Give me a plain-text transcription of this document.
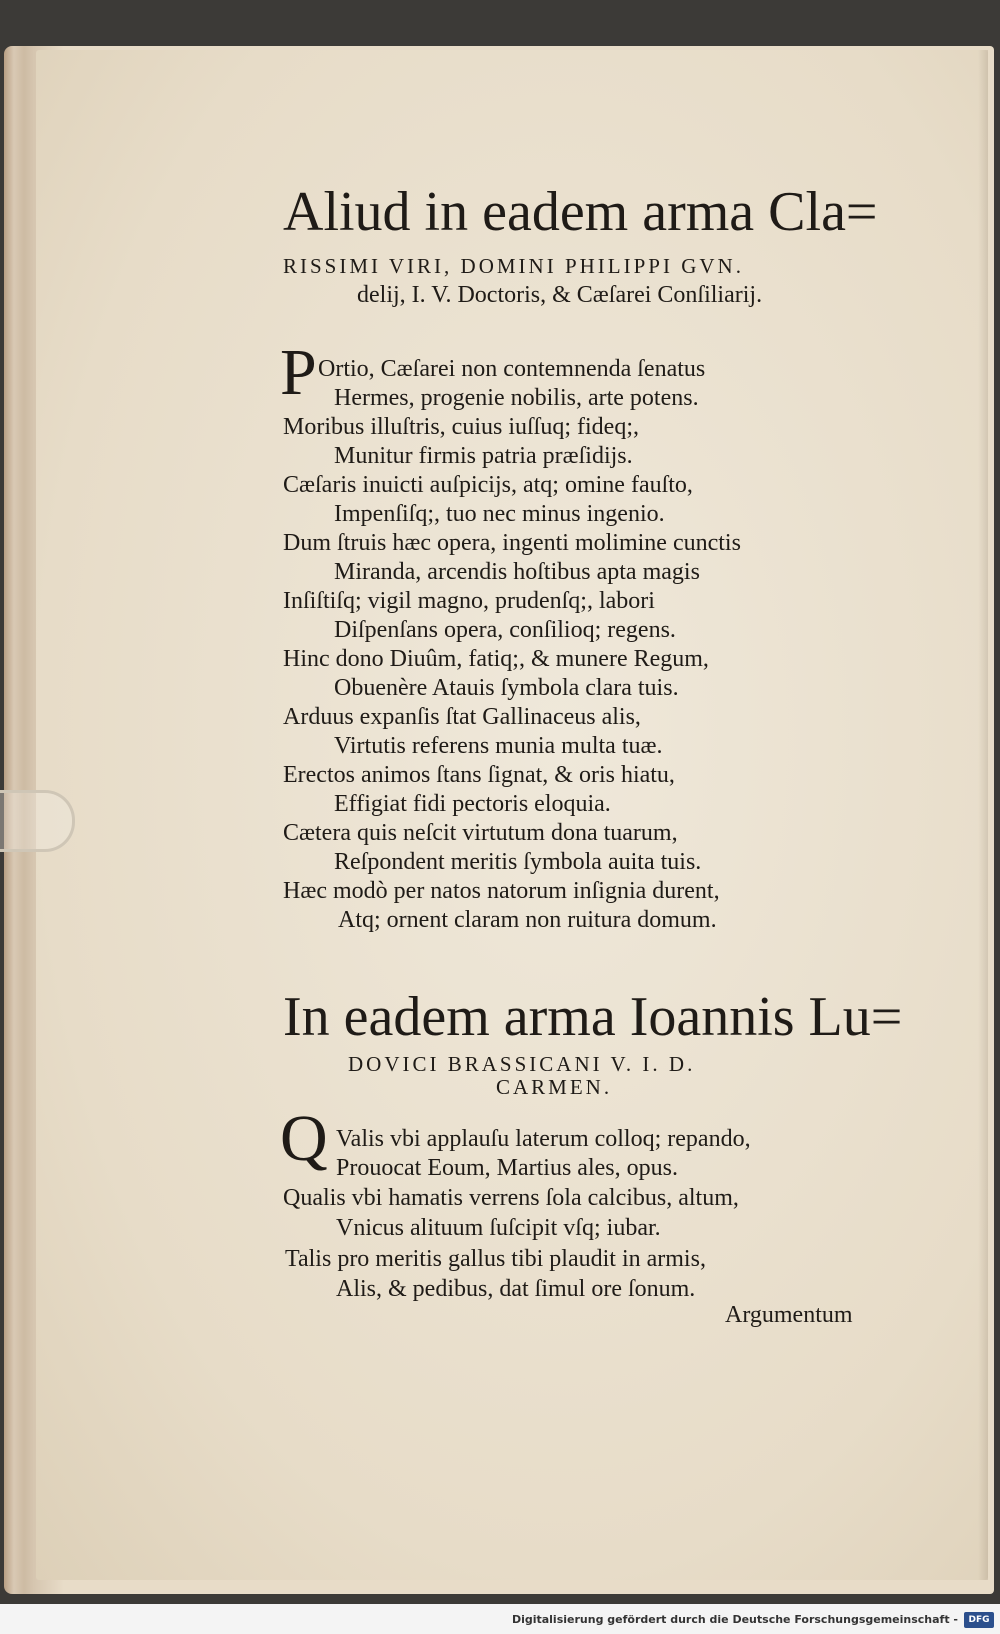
Aliud in eadem arma Cla=
RISSIMI VIRI, DOMINI PHILIPPI GVN.
delij, I. V. Doctoris, & Cæſarei Conſiliarij.
P Ortio, Cæſarei non contemnenda ſenatus
Hermes, progenie nobilis, arte potens.
Moribus illuſtris, cuius iuſſuq; fideq;,
Munitur firmis patria præſidijs.
Cæſaris inuicti auſpicijs, atq; omine fauſto,
Impenſiſq;, tuo nec minus ingenio.
Dum ſtruis hæc opera, ingenti molimine cunctis
Miranda, arcendis hoſtibus apta magis
Inſiſtiſq; vigil magno, prudenſq;, labori
Diſpenſans opera, conſilioq; regens.
Hinc dono Diuûm, fatiq;, & munere Regum,
Obuenère Atauis ſymbola clara tuis.
Arduus expanſis ſtat Gallinaceus alis,
Virtutis referens munia multa tuæ.
Erectos animos ſtans ſignat, & oris hiatu,
Effigiat fidi pectoris eloquia.
Cætera quis neſcit virtutum dona tuarum,
Reſpondent meritis ſymbola auita tuis.
Hæc modò per natos natorum inſignia durent,
Atq; ornent claram non ruitura domum.
In eadem arma Ioannis Lu=
DOVICI BRASSICANI V. I. D.
CARMEN.
Q Valis vbi applauſu laterum colloq; repando,
Prouocat Eoum, Martius ales, opus.
Qualis vbi hamatis verrens ſola calcibus, altum,
Vnicus alituum ſuſcipit vſq; iubar.
Talis pro meritis gallus tibi plaudit in armis,
Alis, & pedibus, dat ſimul ore ſonum.
Argumentum
Digitalisierung gefördert durch die Deutsche Forschungsgemeinschaft -	DFG
